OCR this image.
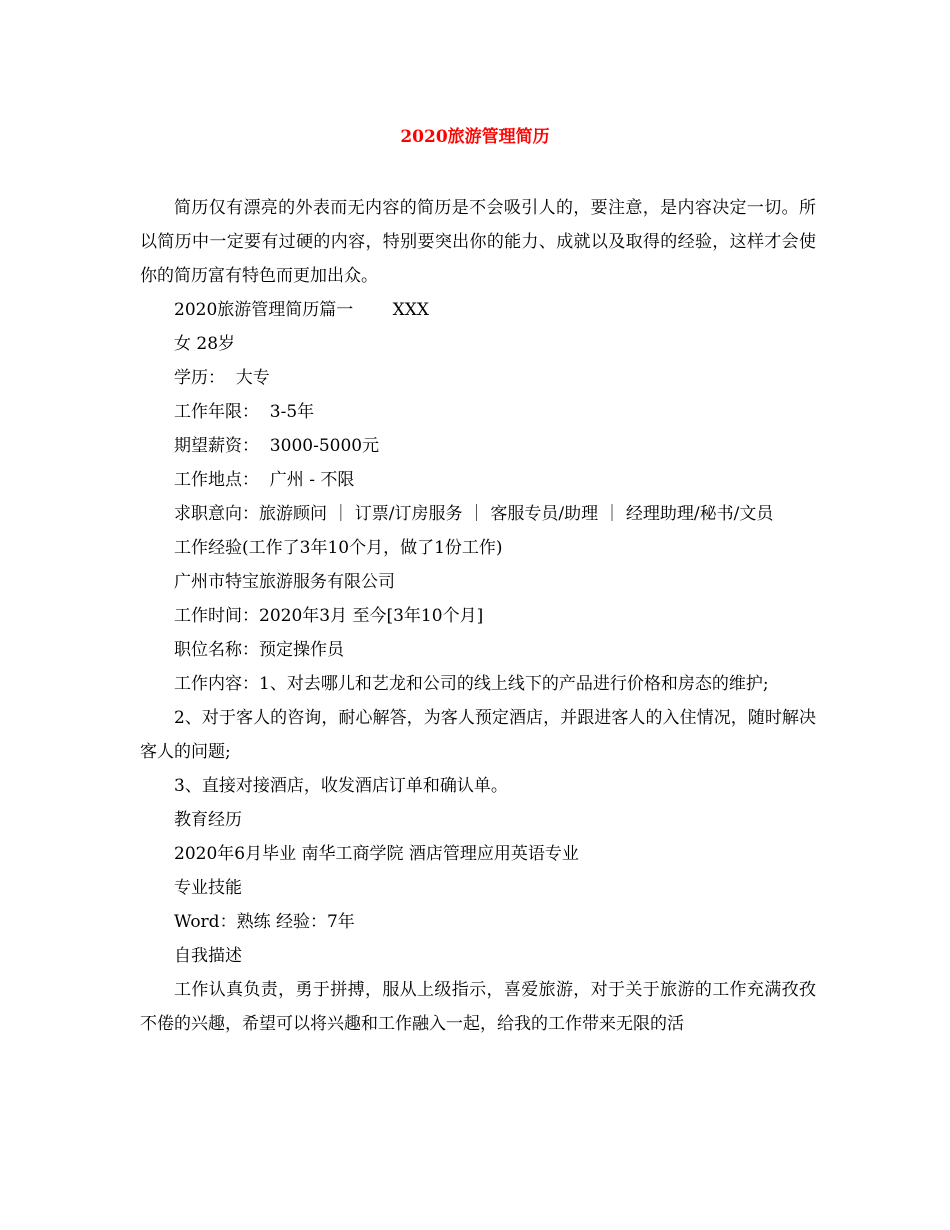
2020旅游管理简历

简历仅有漂亮的外表而无内容的简历是不会吸引人的，要注意，是内容决定一切。所以简历中一定要有过硬的内容，特别要突出你的能力、成就以及取得的经验，这样才会使你的简历富有特色而更加出众。

2020旅游管理简历篇一　　 XXX

女 28岁

学历：  大专

工作年限：  3-5年

期望薪资：  3000-5000元

工作地点：  广州 - 不限

求职意向：旅游顾问 ｜ 订票/订房服务 ｜ 客服专员/助理 ｜ 经理助理/秘书/文员

工作经验(工作了3年10个月，做了1份工作)

广州市特宝旅游服务有限公司

工作时间：2020年3月 至今[3年10个月]

职位名称：预定操作员

工作内容：1、对去哪儿和艺龙和公司的线上线下的产品进行价格和房态的维护;

2、对于客人的咨询，耐心解答，为客人预定酒店，并跟进客人的入住情况，随时解决客人的问题;

3、直接对接酒店，收发酒店订单和确认单。

教育经历

2020年6月毕业 南华工商学院 酒店管理应用英语专业

专业技能

Word：熟练 经验：7年

自我描述

工作认真负责，勇于拼搏，服从上级指示，喜爱旅游，对于关于旅游的工作充满孜孜不倦的兴趣，希望可以将兴趣和工作融入一起，给我的工作带来无限的活
